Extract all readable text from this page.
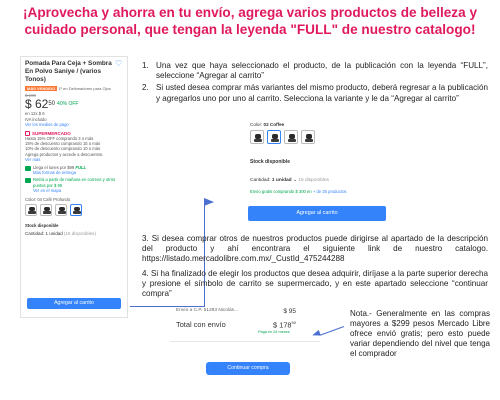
¡Aprovecha y ahorra en tu envío, agrega varios productos de belleza y cuidado personal, que tengan la leyenda "FULL" de nuestro catalogo!
Pomada Para Ceja + Sombra En Polvo Saniye / (varios Tonos)
♡
MÁS VENDIDO 1º en Delineadores para Ojos
$ 105
$ $62^{50}$ 40% OFF
en 12x $ 6
IVA incluido
Ver los medios de pago
SUPERMERCADO
Hasta 15% OFF comprando 3 o más
15% de descuento comprando 15 o más
10% de descuento comprando 10 o más
Agrega productos y accede a descuentos.
Ver más
Llega el lunes por $99 FULL
Más formas de entrega
Retirá a partir de mañana en correos y otros puntos por $ 99
Ver en el mapa
Color: 04 Café Profundo
Stock disponible
Cantidad: 1 unidad (15 disponibles)
Agregar al carrito
1. Una vez que haya seleccionado el producto, de la publicación con la leyenda “FULL”, seleccione “Agregar al carrito”
2. Si usted desea comprar más variantes del mismo producto, deberá regresar a la publicación y agregarlos uno por uno al carrito. Selecciona la variante y le da “Agregar al carrito”
Color: 02 Coffee
Stock disponible
Cantidad: 1 unidad ⌄ 15 disponibles
Envío gratis comprando $ 300 en + de 35 productos
Agregar al carrito
3. Si desea comprar otros de nuestros productos puede dirigirse al apartado de la descripción del producto y ahí encontrara el siguiente link de nuestro catalogo. https://listado.mercadolibre.com.mx/_CustId_475244288
4. Si ha finalizado de elegir los productos que desea adquirir, diríjase a la parte superior derecha y presione el símbolo de carrito se supermercado, y en este apartado seleccione “continuar compra”
Envío a C.P. 51283 Nicolás...	$ 95
Total con envío	$ $178^{50}$
Pagá en 24 meses
Continuar compra
Nota.- Generalmente en las compras mayores a $299 pesos Mercado Libre ofrece envió gratis; pero esto puede variar dependiendo del nivel que tenga el comprador
